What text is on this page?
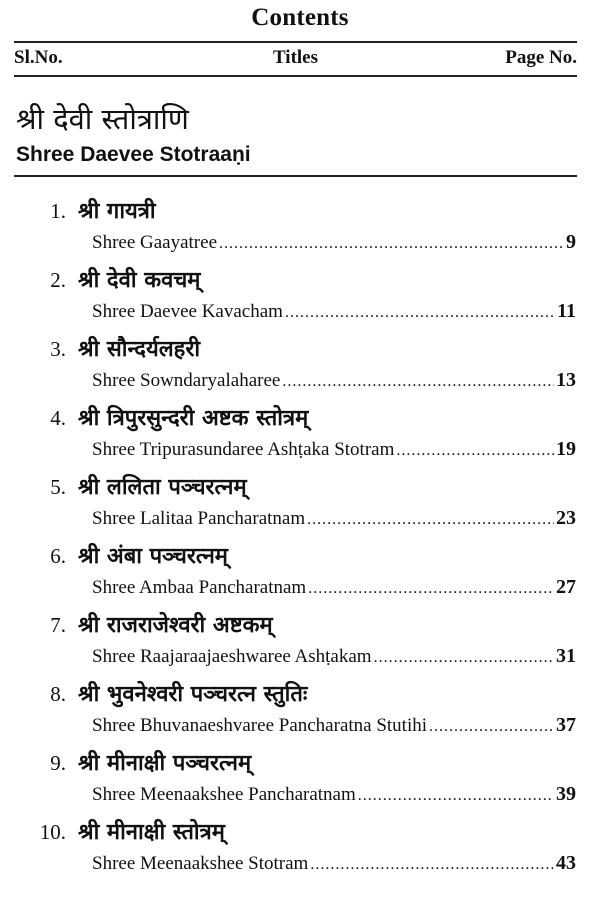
Contents
Sl.No.	Titles	Page No.
श्री देवी स्तोत्राणि
Shree Daevee Stotraaṇi
1. श्री गायत्री
Shree Gaayatree .....	9
2. श्री देवी कवचम्
Shree Daevee Kavacham .....	11
3. श्री सौन्दर्यलहरी
Shree Sowndaryalaharee .....	13
4. श्री त्रिपुरसुन्दरी अष्टक स्तोत्रम्
Shree Tripurasundaree Ashṭaka Stotram .....	19
5. श्री ललिता पञ्चरत्नम्
Shree Lalitaa Pancharatnam .....	23
6. श्री अंबा पञ्चरत्नम्
Shree Ambaa Pancharatnam .....	27
7. श्री राजराजेश्वरी अष्टकम्
Shree Raajaraajaeshwaree Ashṭakam .....	31
8. श्री भुवनेश्वरी पञ्चरत्न स्तुतिः
Shree Bhuvanaeshvaree Pancharatna Stutihi .....	37
9. श्री मीनाक्षी पञ्चरत्नम्
Shree Meenaakshee Pancharatnam .....	39
10. श्री मीनाक्षी स्तोत्रम्
Shree Meenaakshee Stotram .....	43
